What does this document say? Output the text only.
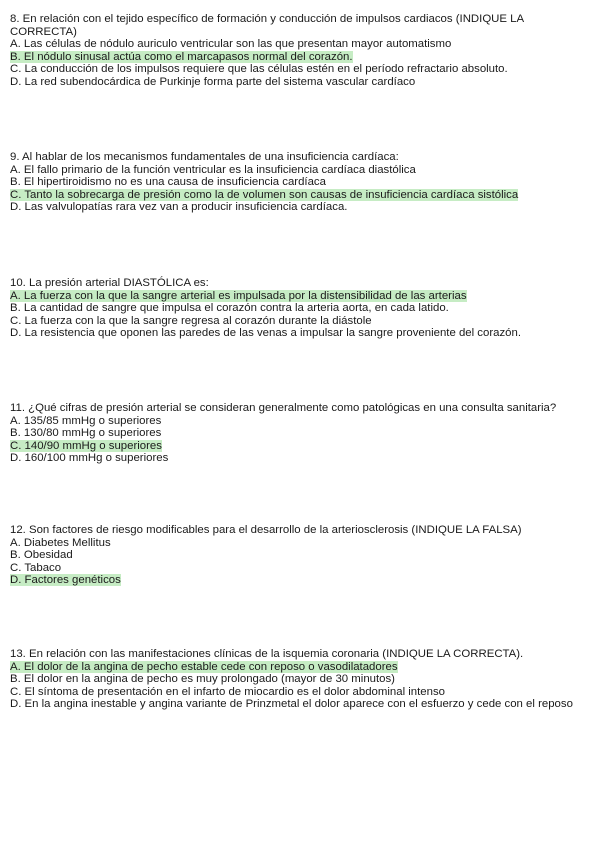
8. En relación con el tejido específico de formación y conducción de impulsos cardiacos (INDIQUE LA CORRECTA)

A. Las células de nódulo auriculo ventricular son las que presentan mayor automatismo

B. El nódulo sinusal actúa como el marcapasos normal del corazón.

C. La conducción de los impulsos requiere que las células estén en el período refractario absoluto.

D. La red subendocárdica de Purkinje forma parte del sistema vascular cardíaco

9. Al hablar de los mecanismos fundamentales de una insuficiencia cardíaca:

A. El fallo primario de la función ventricular es la insuficiencia cardíaca diastólica

B. El hipertiroidismo no es una causa de insuficiencia cardíaca

C. Tanto la sobrecarga de presión como la de volumen son causas de insuficiencia cardíaca sistólica

D. Las valvulopatías rara vez van a producir insuficiencia cardíaca.

10. La presión arterial DIASTÓLICA es:

A. La fuerza con la que la sangre arterial es impulsada por la distensibilidad de las arterias

B. La cantidad de sangre que impulsa el corazón contra la arteria aorta, en cada latido.

C. La fuerza con la que la sangre regresa al corazón durante la diástole

D. La resistencia que oponen las paredes de las venas a impulsar la sangre proveniente del corazón.

11. ¿Qué cifras de presión arterial se consideran generalmente como patológicas en una consulta sanitaria?

A. 135/85 mmHg o superiores

B. 130/80 mmHg o superiores

C. 140/90 mmHg o superiores

D. 160/100 mmHg o superiores

12. Son factores de riesgo modificables para el desarrollo de la arteriosclerosis (INDIQUE LA FALSA)

A. Diabetes Mellitus

B. Obesidad

C. Tabaco

D. Factores genéticos

13. En relación con las manifestaciones clínicas de la isquemia coronaria (INDIQUE LA CORRECTA).

A. El dolor de la angina de pecho estable cede con reposo o vasodilatadores

B. El dolor en la angina de pecho es muy prolongado (mayor de 30 minutos)

C. El síntoma de presentación en el infarto de miocardio es el dolor abdominal intenso

D. En la angina inestable y angina variante de Prinzmetal el dolor aparece con el esfuerzo y cede con el reposo
